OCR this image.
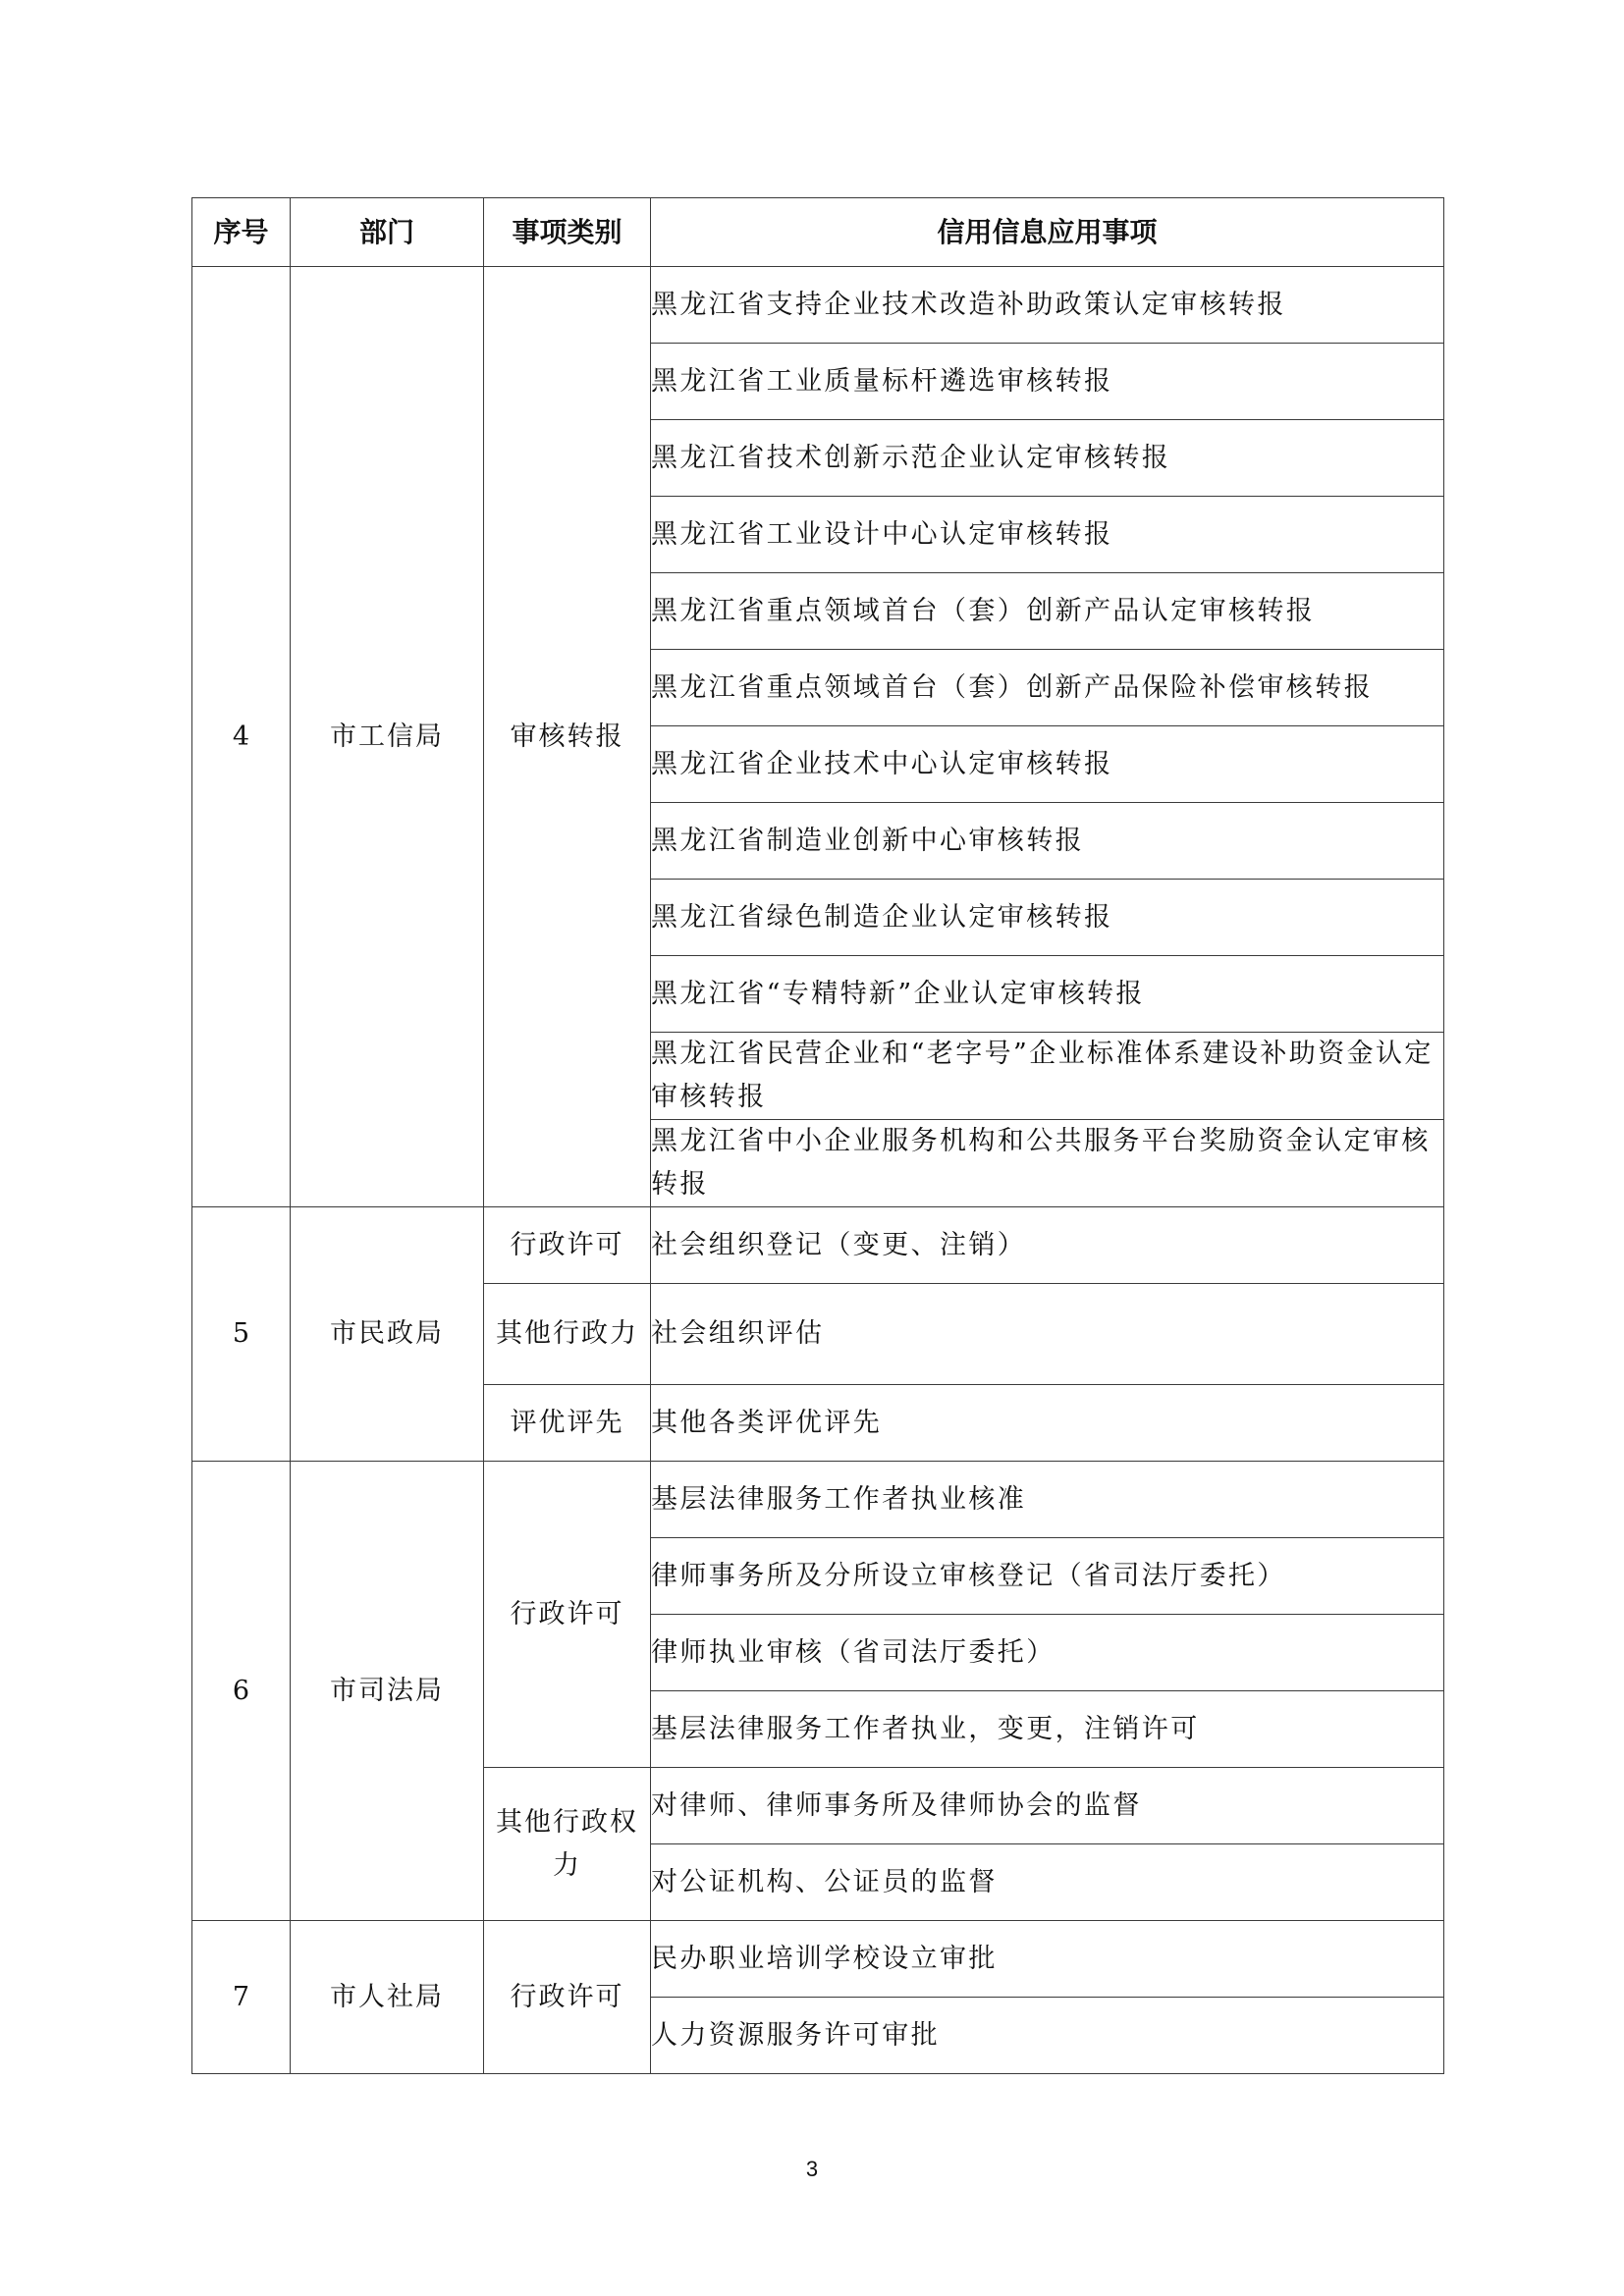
序号	部门	事项类别	信用信息应用事项
4	市工信局	审核转报	黑龙江省支持企业技术改造补助政策认定审核转报
			黑龙江省工业质量标杆遴选审核转报
			黑龙江省技术创新示范企业认定审核转报
			黑龙江省工业设计中心认定审核转报
			黑龙江省重点领域首台（套）创新产品认定审核转报
			黑龙江省重点领域首台（套）创新产品保险补偿审核转报
			黑龙江省企业技术中心认定审核转报
			黑龙江省制造业创新中心审核转报
			黑龙江省绿色制造企业认定审核转报
			黑龙江省“专精特新”企业认定审核转报
			黑龙江省民营企业和“老字号”企业标准体系建设补助资金认定审核转报
			黑龙江省中小企业服务机构和公共服务平台奖励资金认定审核转报
5	市民政局	行政许可	社会组织登记（变更、注销）
		其他行政力	社会组织评估
		评优评先	其他各类评优评先
6	市司法局	行政许可	基层法律服务工作者执业核准
			律师事务所及分所设立审核登记（省司法厅委托）
			律师执业审核（省司法厅委托）
			基层法律服务工作者执业，变更，注销许可
		其他行政权力	对律师、律师事务所及律师协会的监督
			对公证机构、公证员的监督
7	市人社局	行政许可	民办职业培训学校设立审批
			人力资源服务许可审批
3
